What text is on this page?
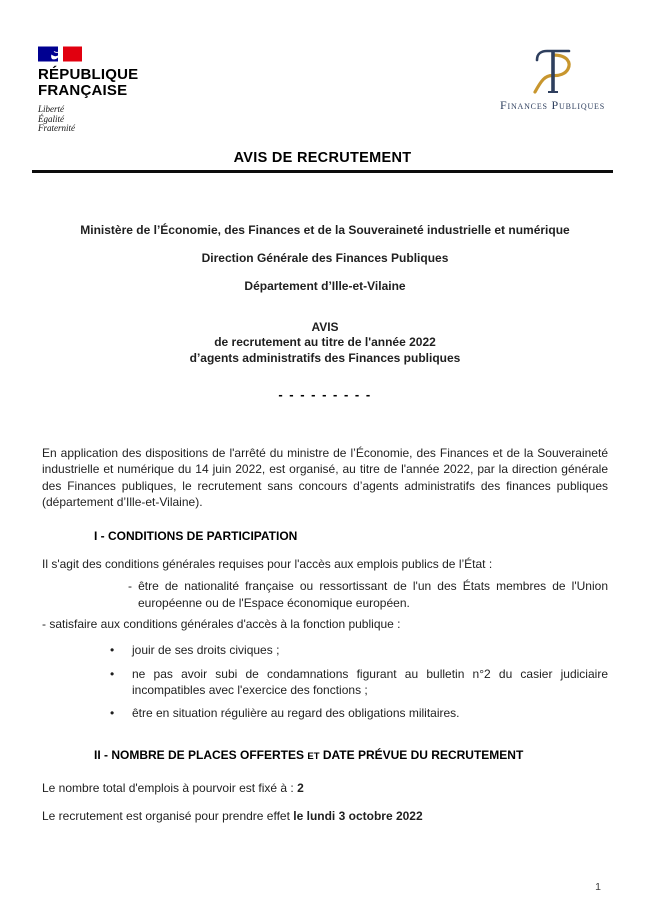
RÉPUBLIQUE
FRANÇAISE
Liberté
Égalité
Fraternité
Finances Publiques
AVIS DE RECRUTEMENT

Ministère de l’Économie, des Finances et de la Souveraineté industrielle et numérique

Direction Générale des Finances Publiques

Département d’Ille-et-Vilaine

AVIS
de recrutement au titre de l'année 2022
d’agents administratifs des Finances publiques
- - - - - - - - -

En application des dispositions de l'arrêté du ministre de l’Économie, des Finances et de la Souveraineté industrielle et numérique du 14 juin 2022, est organisé, au titre de l'année 2022, par la direction générale des Finances publiques, le recrutement sans concours d’agents administratifs des finances publiques (département d’Ille-et-Vilaine).

I - CONDITIONS DE PARTICIPATION

Il s'agit des conditions générales requises pour l'accès aux emplois publics de l’État :

- être de nationalité française ou ressortissant de l'un des États membres de l'Union européenne ou de l'Espace économique européen.

- satisfaire aux conditions générales d'accès à la fonction publique :

•	jouir de ses droits civiques ;
•	ne pas avoir subi de condamnations figurant au bulletin n°2 du casier judiciaire incompatibles avec l'exercice des fonctions ;
•	être en situation régulière au regard des obligations militaires.
II - NOMBRE DE PLACES OFFERTES ET DATE PRÉVUE DU RECRUTEMENT

Le nombre total d'emplois à pourvoir est fixé à : 2

Le recrutement est organisé pour prendre effet le lundi 3 octobre 2022

1
